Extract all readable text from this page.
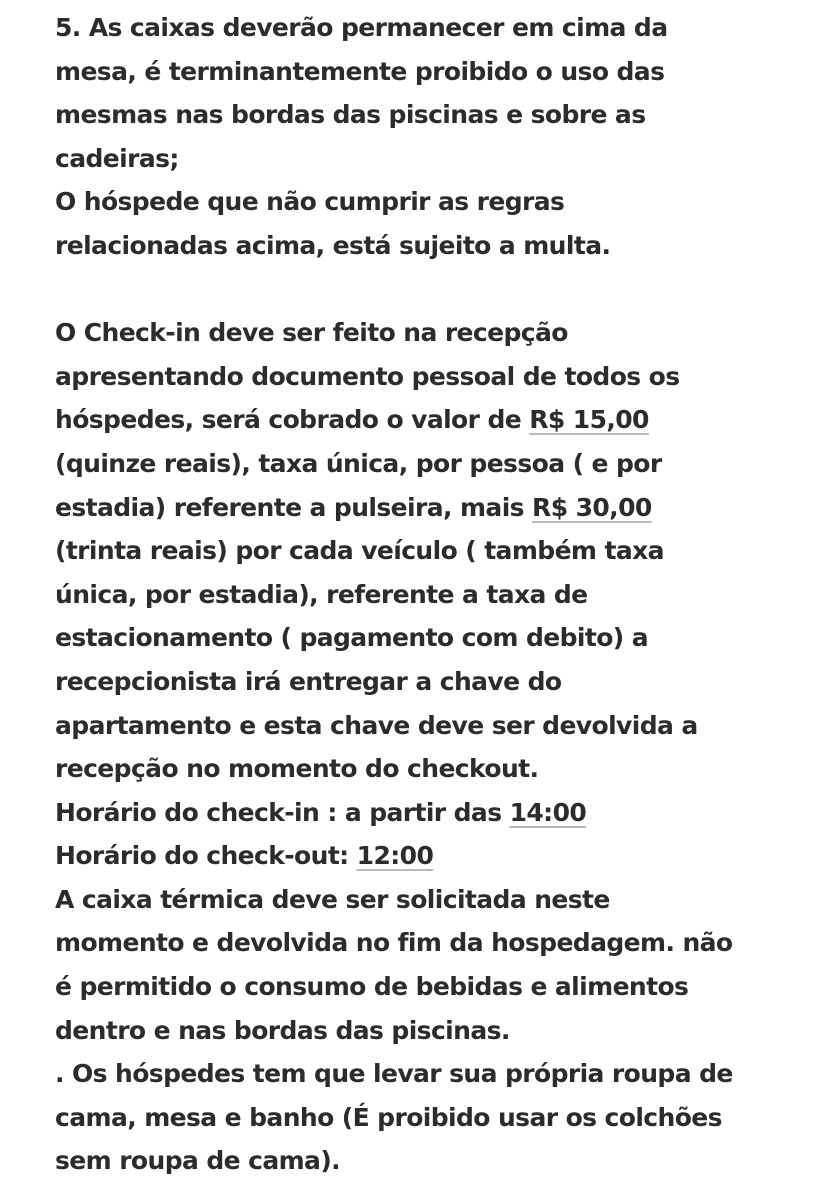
5. As caixas deverão permanecer em cima da
mesa, é terminantemente proibido o uso das
mesmas nas bordas das piscinas e sobre as
cadeiras;
O hóspede que não cumprir as regras
relacionadas acima, está sujeito a multa.
O Check-in deve ser feito na recepção
apresentando documento pessoal de todos os
hóspedes, será cobrado o valor de R$ 15,00
(quinze reais), taxa única, por pessoa ( e por
estadia) referente a pulseira, mais R$ 30,00
(trinta reais) por cada veículo ( também taxa
única, por estadia), referente a taxa de
estacionamento ( pagamento com debito) a
recepcionista irá entregar a chave do
apartamento e esta chave deve ser devolvida a
recepção no momento do checkout.
Horário do check-in : a partir das 14:00
Horário do check-out: 12:00
A caixa térmica deve ser solicitada neste
momento e devolvida no fim da hospedagem. não
é permitido o consumo de bebidas e alimentos
dentro e nas bordas das piscinas.
. Os hóspedes tem que levar sua própria roupa de
cama, mesa e banho (É proibido usar os colchões
sem roupa de cama).
